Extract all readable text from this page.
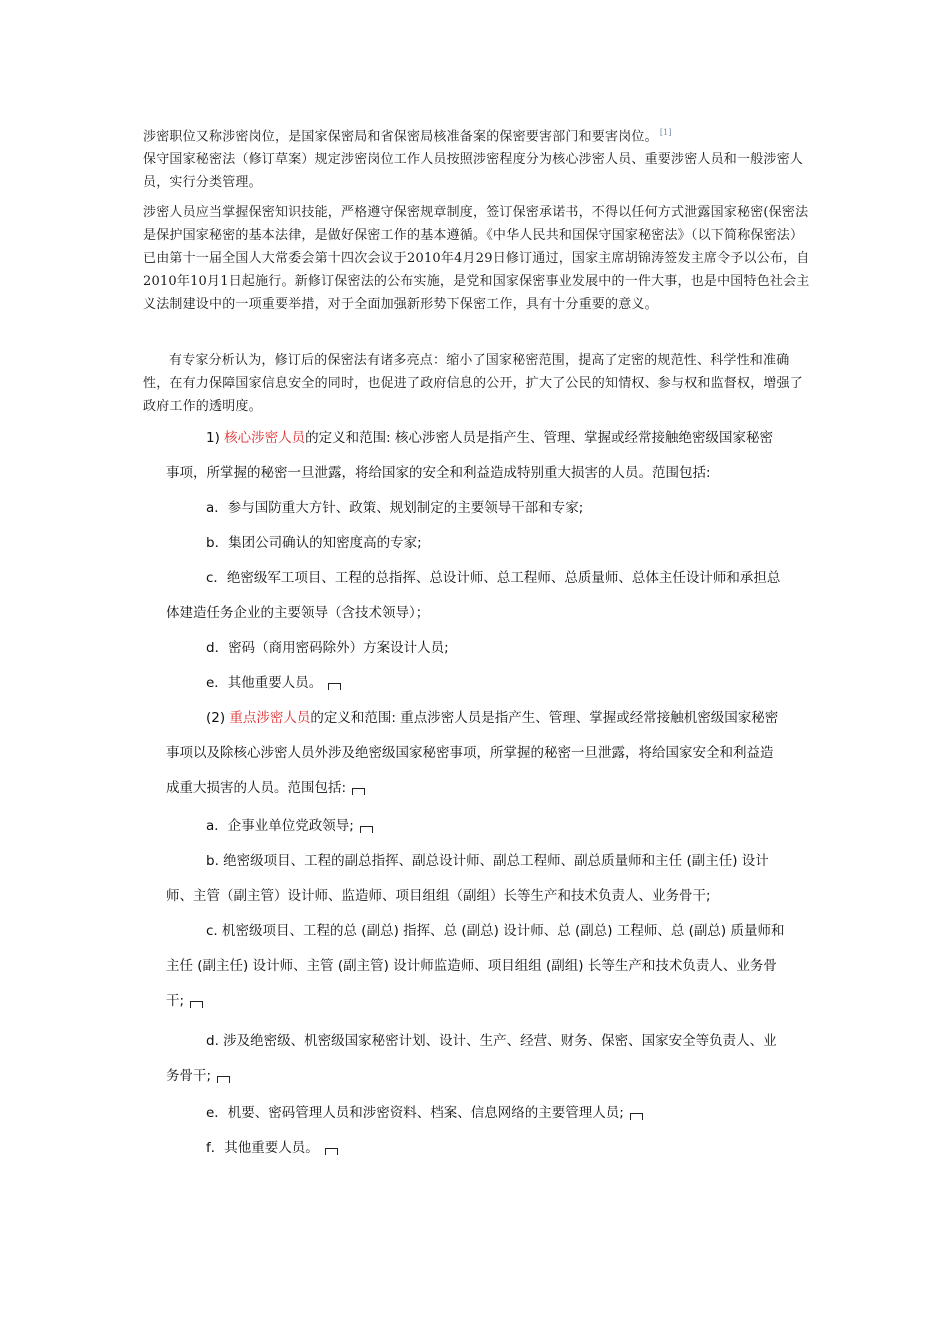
涉密职位又称涉密岗位，是国家保密局和省保密局核准备案的保密要害部门和要害岗位。 [1]

保守国家秘密法（修订草案）规定涉密岗位工作人员按照涉密程度分为核心涉密人员、重要涉密人员和一般涉密人员，实行分类管理。

涉密人员应当掌握保密知识技能，严格遵守保密规章制度，签订保密承诺书，不得以任何方式泄露国家秘密(保密法是保护国家秘密的基本法律，是做好保密工作的基本遵循。《中华人民共和国保守国家秘密法》（以下简称保密法）已由第十一届全国人大常委会第十四次会议于2010年4月29日修订通过，国家主席胡锦涛签发主席令予以公布，自2010年10月1日起施行。新修订保密法的公布实施，是党和国家保密事业发展中的一件大事，也是中国特色社会主义法制建设中的一项重要举措，对于全面加强新形势下保密工作，具有十分重要的意义。

有专家分析认为，修订后的保密法有诸多亮点：缩小了国家秘密范围，提高了定密的规范性、科学性和准确性，在有力保障国家信息安全的同时，也促进了政府信息的公开，扩大了公民的知情权、参与权和监督权，增强了政府工作的透明度。

1) 核心涉密人员的定义和范围: 核心涉密人员是指产生、管理、掌握或经常接触绝密级国家秘密事项，所掌握的秘密一旦泄露，将给国家的安全和利益造成特别重大损害的人员。范围包括:

a．参与国防重大方针、政策、规划制定的主要领导干部和专家;

b．集团公司确认的知密度高的专家;

c．绝密级军工项目、工程的总指挥、总设计师、总工程师、总质量师、总体主任设计师和承担总体建造任务企业的主要领导（含技术领导）；

d．密码（商用密码除外）方案设计人员;

e．其他重要人员。

(2) 重点涉密人员的定义和范围: 重点涉密人员是指产生、管理、掌握或经常接触机密级国家秘密事项以及除核心涉密人员外涉及绝密级国家秘密事项，所掌握的秘密一旦泄露，将给国家安全和利益造成重大损害的人员。范围包括:

a．企事业单位党政领导;

b. 绝密级项目、工程的副总指挥、副总设计师、副总工程师、副总质量师和主任 (副主任) 设计师、主管（副主管）设计师、监造师、项目组组（副组）长等生产和技术负责人、业务骨干;

c. 机密级项目、工程的总 (副总) 指挥、总 (副总) 设计师、总 (副总) 工程师、总 (副总) 质量师和主任 (副主任) 设计师、主管 (副主管) 设计师监造师、项目组组 (副组) 长等生产和技术负责人、业务骨干;

d. 涉及绝密级、机密级国家秘密计划、设计、生产、经营、财务、保密、国家安全等负责人、业务骨干;

e．机要、密码管理人员和涉密资料、档案、信息网络的主要管理人员;

f．其他重要人员。
